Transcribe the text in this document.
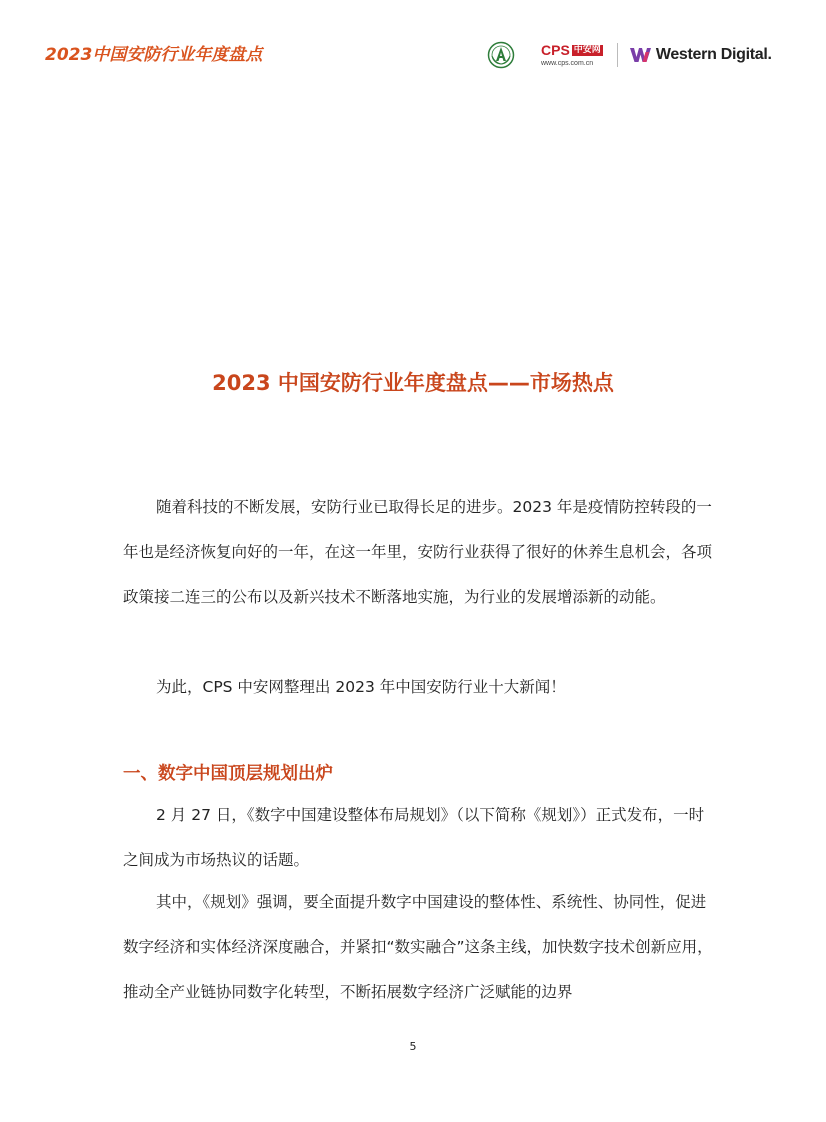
2023中国安防行业年度盘点	CPS 中安网
www.cps.com.cn
Western Digital.
2023 中国安防行业年度盘点——市场热点

随着科技的不断发展，安防行业已取得长足的进步。2023 年是疫情防控转段的一年也是经济恢复向好的一年，在这一年里，安防行业获得了很好的休养生息机会，各项政策接二连三的公布以及新兴技术不断落地实施，为行业的发展增添新的动能。

为此，CPS 中安网整理出 2023 年中国安防行业十大新闻！

一、数字中国顶层规划出炉

2 月 27 日，《数字中国建设整体布局规划》（以下简称《规划》）正式发布，一时之间成为市场热议的话题。

其中，《规划》强调，要全面提升数字中国建设的整体性、系统性、协同性，促进数字经济和实体经济深度融合，并紧扣“数实融合”这条主线，加快数字技术创新应用，推动全产业链协同数字化转型，不断拓展数字经济广泛赋能的边界

5
